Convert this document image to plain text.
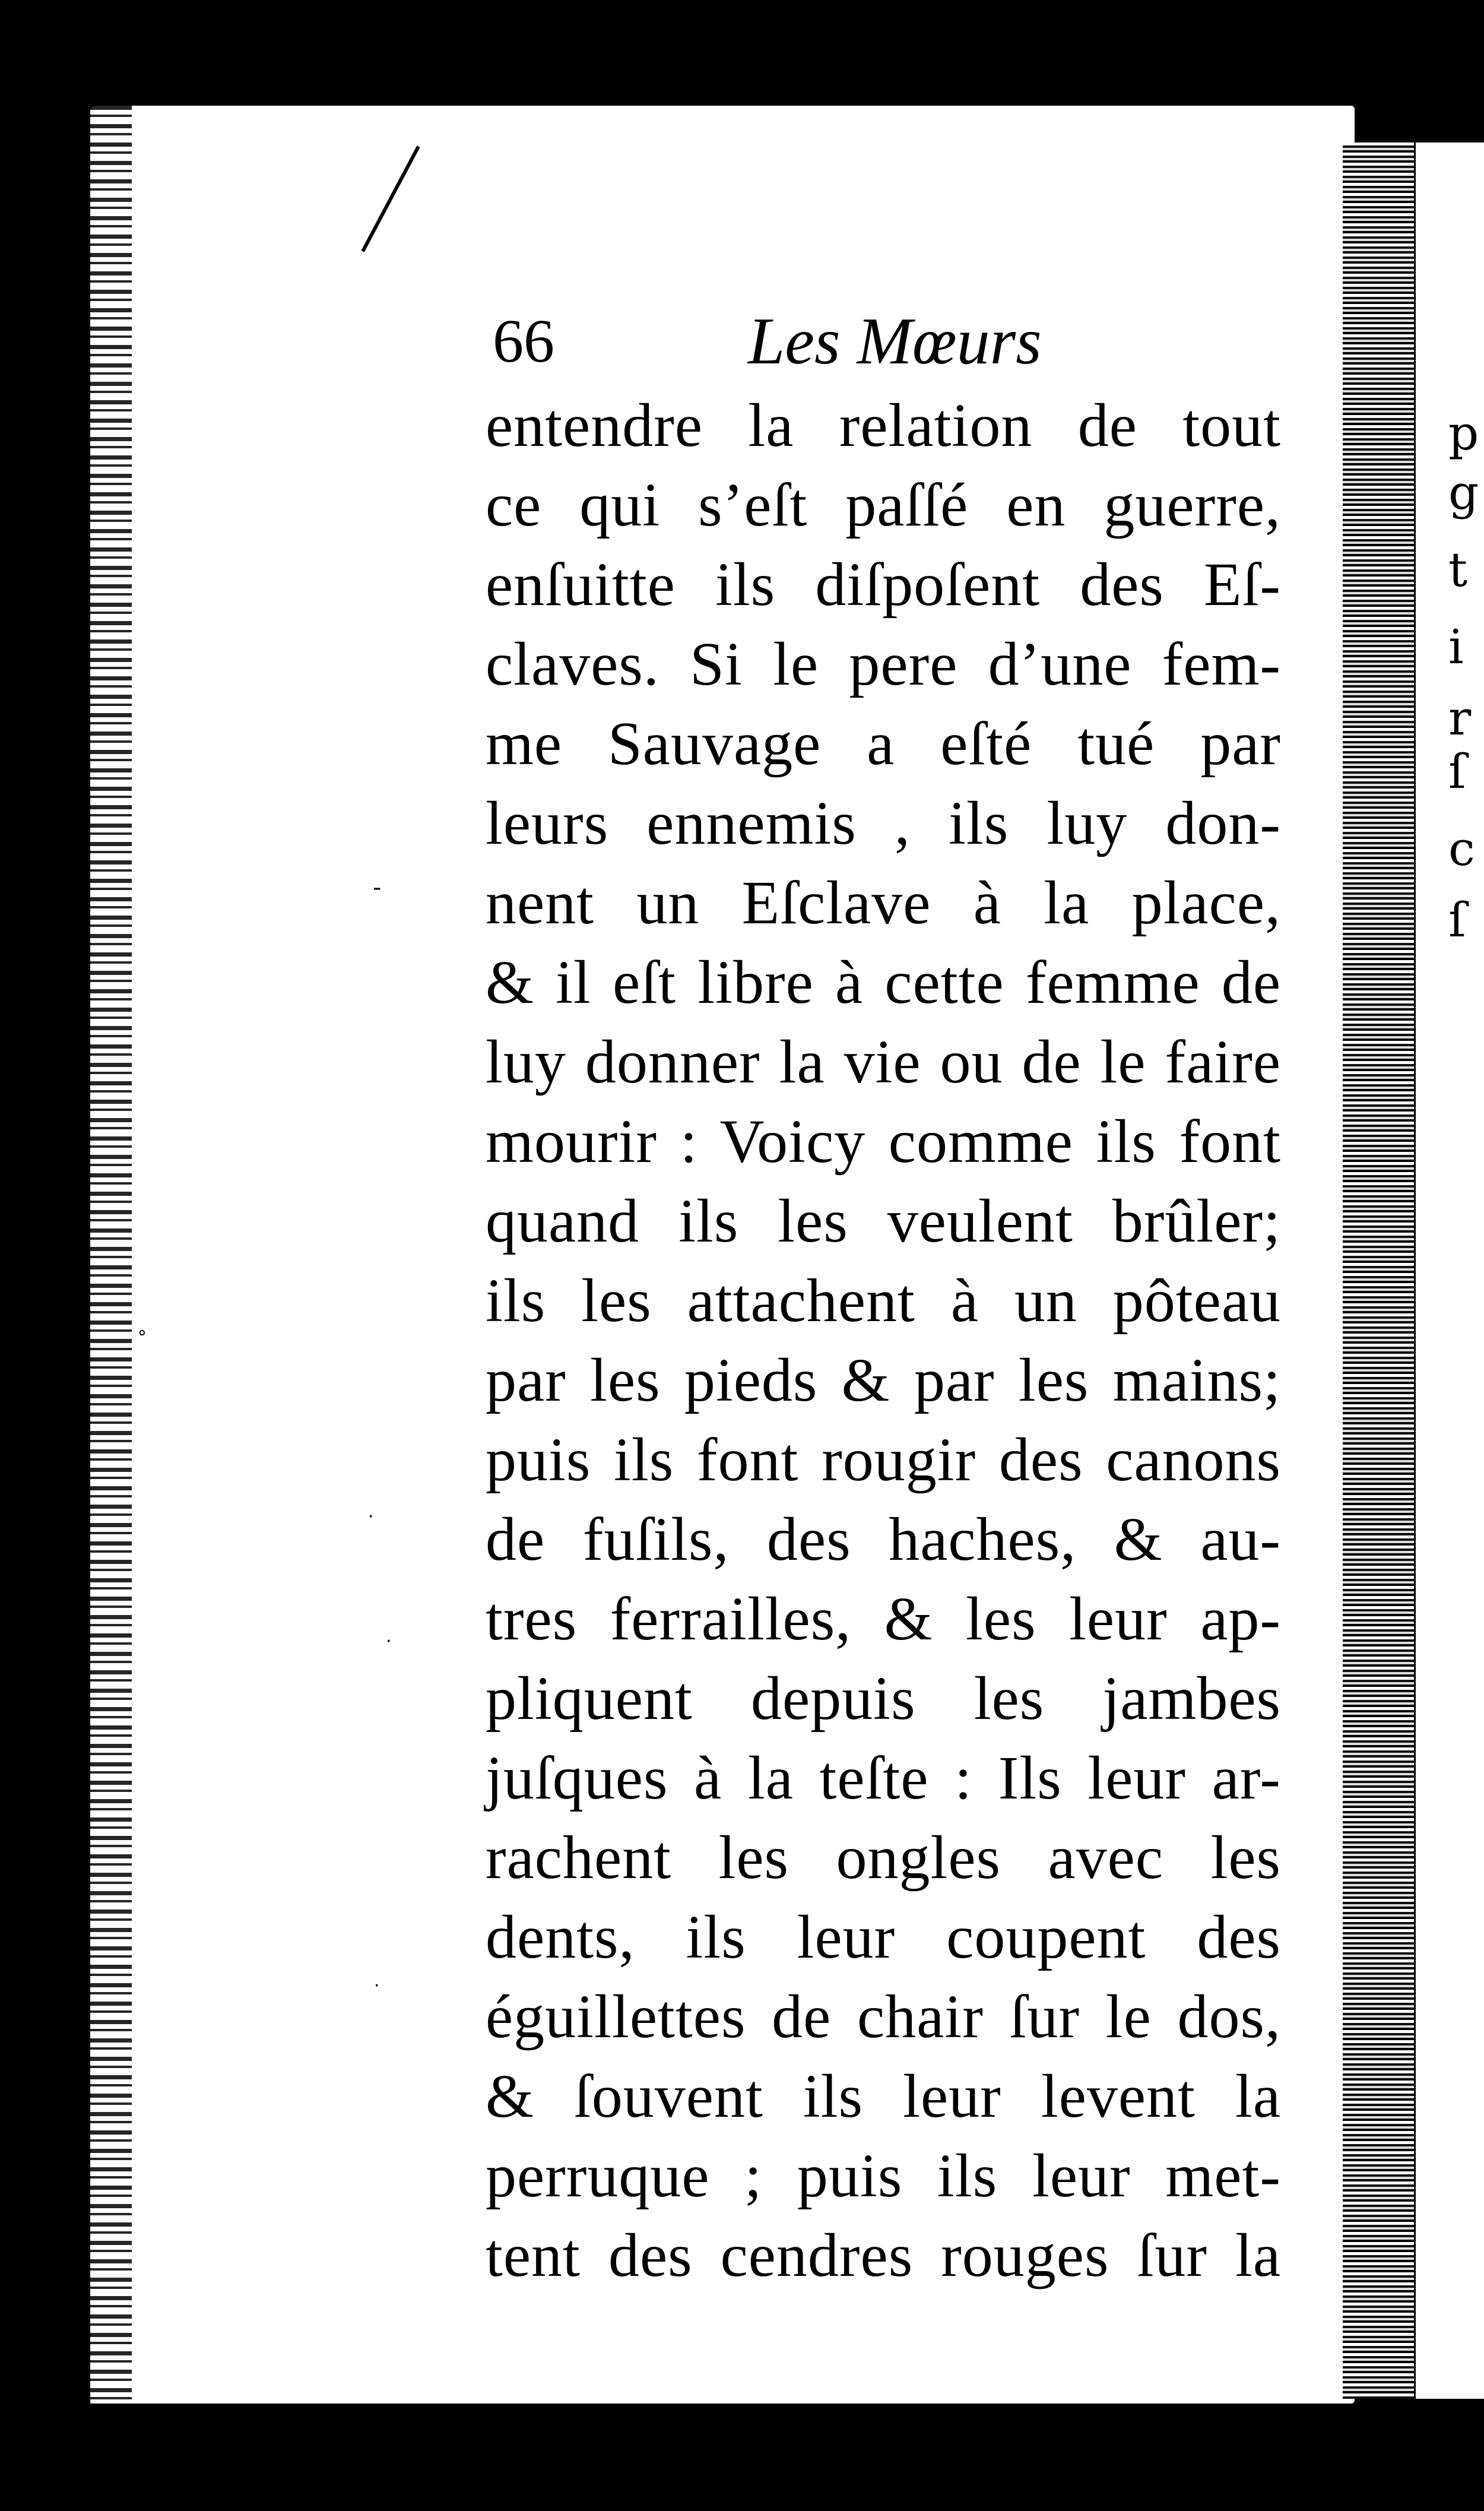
p
g
t
i
r
ſ
c
ſ
‐
∘
·
·
·
66	Les Mœurs
entendre la relation de tout
ce qui s’eſt paſſé en guerre,
enſuitte ils diſpoſent des Eſ-
claves. Si le pere d’une fem-
me Sauvage a eſté tué par
leurs ennemis , ils luy don-
nent un Eſclave à la place,
& il eſt libre à cette femme de
luy donner la vie ou de le faire
mourir : Voicy comme ils font
quand ils les veulent brûler;
ils les attachent à un pôteau
par les pieds & par les mains;
puis ils font rougir des canons
de fuſils, des haches, & au-
tres ferrailles, & les leur ap-
pliquent depuis les jambes
juſques à la teſte : Ils leur ar-
rachent les ongles avec les
dents, ils leur coupent des
éguillettes de chair ſur le dos,
& ſouvent ils leur levent la
perruque ; puis ils leur met-
tent des cendres rouges ſur la
